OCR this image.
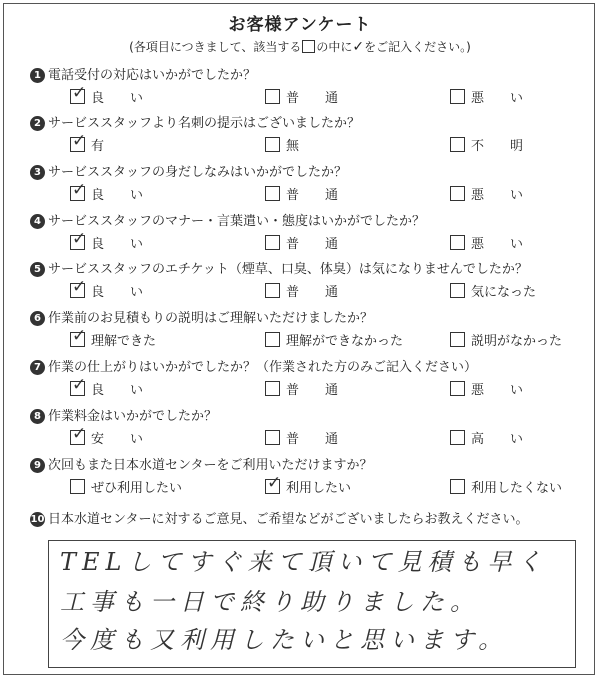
お客様アンケート
(各項目につきまして、該当する の中に✓をご記入ください。)
1 電話受付の対応はいかがでしたか？
✓ 良　　い	普　　通	悪　　い
2 サービススタッフより名刺の提示はございましたか？
✓ 有	無	不　　明
3 サービススタッフの身だしなみはいかがでしたか？
✓ 良　　い	普　　通	悪　　い
4 サービススタッフのマナー・言葉遣い・態度はいかがでしたか？
✓ 良　　い	普　　通	悪　　い
5 サービススタッフのエチケット（煙草、口臭、体臭）は気になりませんでしたか？
✓ 良　　い	普　　通	気になった
6 作業前のお見積もりの説明はご理解いただけましたか？
✓ 理解できた	理解ができなかった	説明がなかった
7 作業の仕上がりはいかがでしたか？（作業された方のみご記入ください）
✓ 良　　い	普　　通	悪　　い
8 作業料金はいかがでしたか？
✓ 安　　い	普　　通	高　　い
9 次回もまた日本水道センターをご利用いただけますか？
ぜひ利用したい	✓ 利用したい	利用したくない
10 日本水道センターに対するご意見、ご希望などがございましたらお教えください。
TELしてすぐ来て頂いて見積も早く
工事も一日で終り助りました。
今度も又利用したいと思います。
